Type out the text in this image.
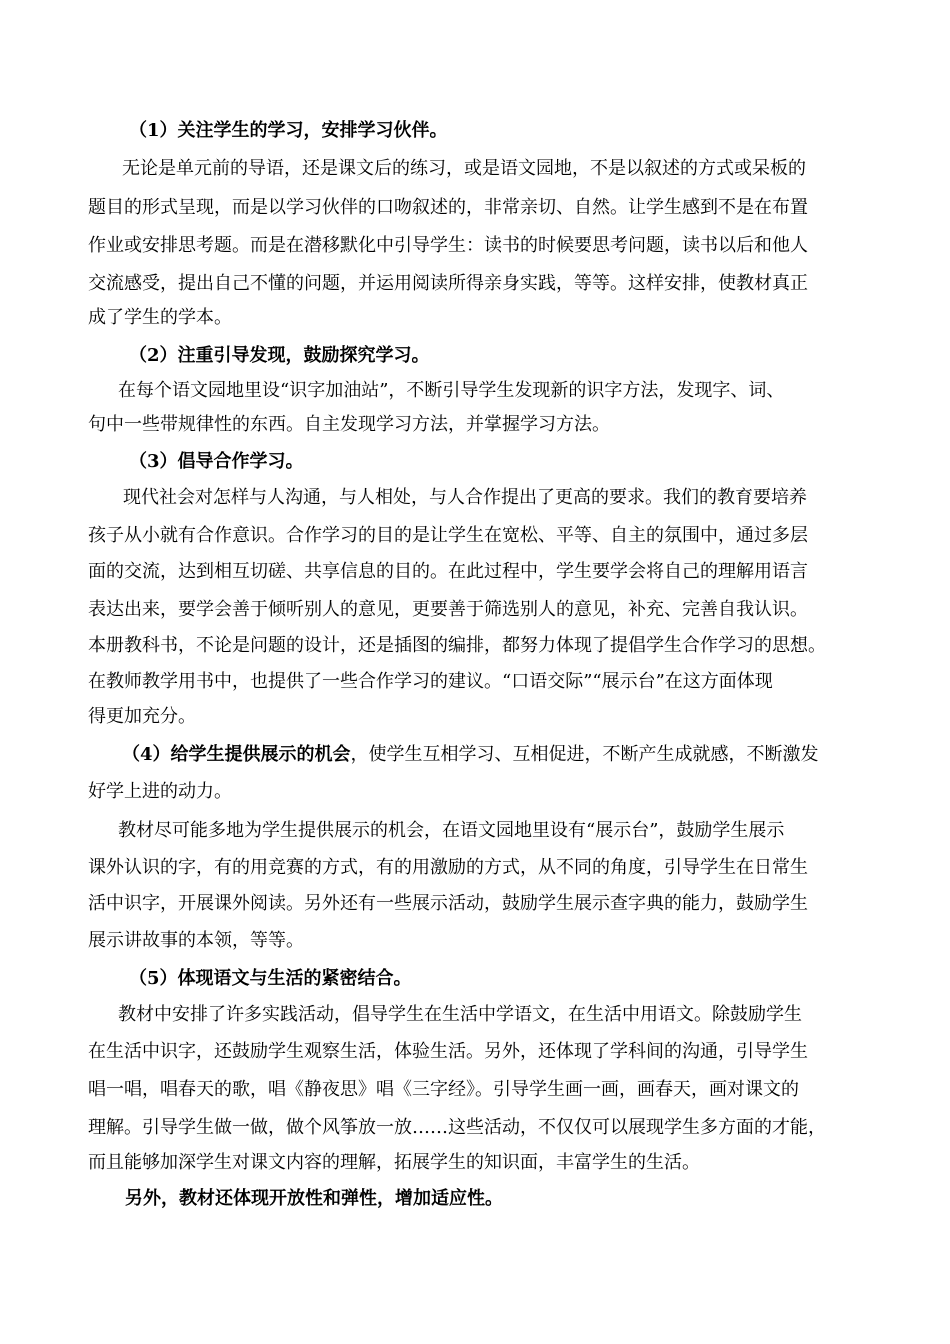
（1）关注学生的学习，安排学习伙伴。
无论是单元前的导语，还是课文后的练习，或是语文园地，不是以叙述的方式或呆板的
题目的形式呈现，而是以学习伙伴的口吻叙述的，非常亲切、自然。让学生感到不是在布置
作业或安排思考题。而是在潜移默化中引导学生：读书的时候要思考问题，读书以后和他人
交流感受，提出自己不懂的问题，并运用阅读所得亲身实践，等等。这样安排，使教材真正
成了学生的学本。
（2）注重引导发现，鼓励探究学习。
在每个语文园地里设“识字加油站”，不断引导学生发现新的识字方法，发现字、词、
句中一些带规律性的东西。自主发现学习方法，并掌握学习方法。
（3）倡导合作学习。
现代社会对怎样与人沟通，与人相处，与人合作提出了更高的要求。我们的教育要培养
孩子从小就有合作意识。合作学习的目的是让学生在宽松、平等、自主的氛围中，通过多层
面的交流，达到相互切磋、共享信息的目的。在此过程中，学生要学会将自己的理解用语言
表达出来，要学会善于倾听别人的意见，更要善于筛选别人的意见，补充、完善自我认识。
本册教科书，不论是问题的设计，还是插图的编排，都努力体现了提倡学生合作学习的思想。
在教师教学用书中，也提供了一些合作学习的建议。“口语交际”“展示台”在这方面体现
得更加充分。
（4）给学生提供展示的机会，使学生互相学习、互相促进，不断产生成就感，不断激发
好学上进的动力。
教材尽可能多地为学生提供展示的机会，在语文园地里设有“展示台”，鼓励学生展示
课外认识的字，有的用竞赛的方式，有的用激励的方式，从不同的角度，引导学生在日常生
活中识字，开展课外阅读。另外还有一些展示活动，鼓励学生展示查字典的能力，鼓励学生
展示讲故事的本领，等等。
（5）体现语文与生活的紧密结合。
教材中安排了许多实践活动，倡导学生在生活中学语文，在生活中用语文。除鼓励学生
在生活中识字，还鼓励学生观察生活，体验生活。另外，还体现了学科间的沟通，引导学生
唱一唱，唱春天的歌，唱《静夜思》唱《三字经》。引导学生画一画，画春天，画对课文的
理解。引导学生做一做，做个风筝放一放……这些活动，不仅仅可以展现学生多方面的才能，
而且能够加深学生对课文内容的理解，拓展学生的知识面，丰富学生的生活。
另外，教材还体现开放性和弹性，增加适应性。
